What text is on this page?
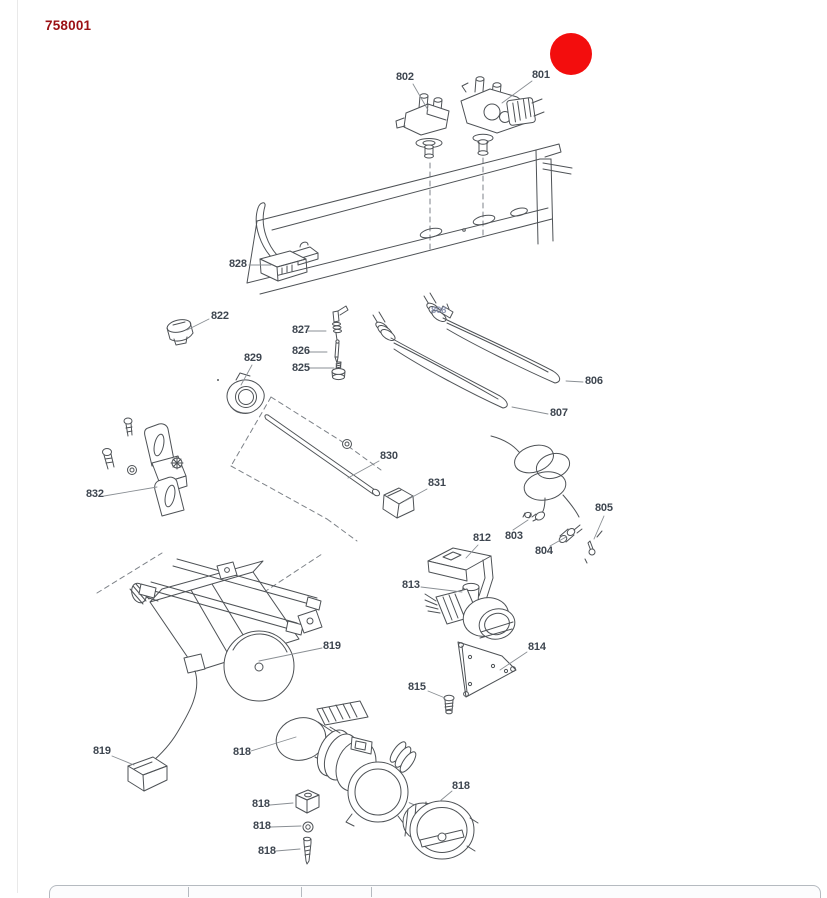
758001
802	801
828
822
827
826
825
829
806
807
808
830
831
832
803
804
805
812
813
814
815
819
819	818
818
818
818
818
